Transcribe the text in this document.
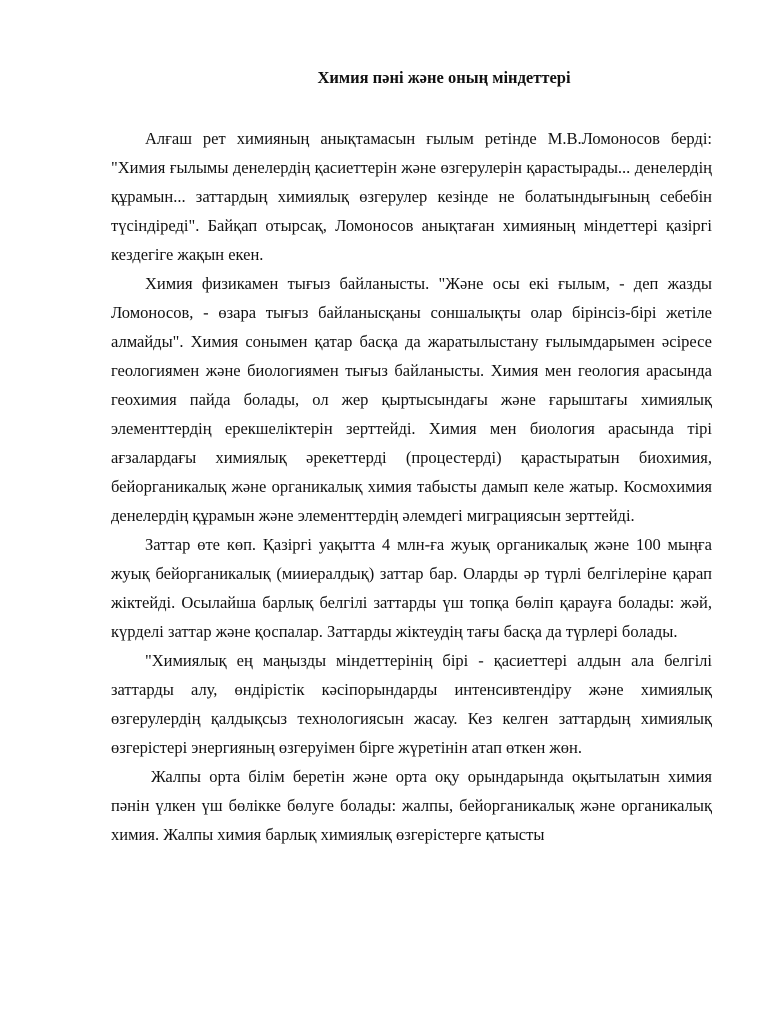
Химия пәні және оның міндеттері

Алғаш рет химияның анықтамасын ғылым ретінде М.В.Ломоносов берді: "Химия ғылымы денелердің қасиеттерін және өзгерулерін қарастырады... денелердің құрамын... заттардың химиялық өзгерулер кезінде не болатындығының себебін түсіндіреді". Байқап отырсақ, Ломоносов анықтаған химияның міндеттері қазіргі кездегіге жақын екен.

Химия физикамен тығыз байланысты. "Және осы екі ғылым, - деп жазды Ломоносов, - өзара тығыз байланысқаны соншалықты олар бірінсіз-бірі жетіле алмайды". Химия сонымен қатар басқа да жаратылыстану ғылымдарымен әсіресе геологиямен және биологиямен тығыз байланысты. Химия мен геология арасында геохимия пайда болады, ол жер қыртысындағы және ғарыштағы химиялық элементтердің ерекшеліктерін зерттейді. Химия мен биология арасында тірі ағзалардағы химиялық әрекеттерді (процестерді) қарастыратын биохимия, бейорганикалық және органикалық химия табысты дамып келе жатыр. Космохимия денелердің құрамын және элементтердің әлемдегі миграциясын зерттейді.

Заттар өте көп. Қазіргі уақытта 4 млн-ға жуық органикалық және 100 мыңға жуық бейорганикалық (мииералдық) заттар бар. Оларды әр түрлі белгілеріне қарап жіктейді. Осылайша барлық белгілі заттарды үш топқа бөліп қарауға болады: жәй, күрделі заттар және қоспалар. Заттарды жіктеудің тағы басқа да түрлері болады.

"Химиялық ең маңызды міндеттерінің бірі - қасиеттері алдын ала белгілі заттарды алу, өндірістік кәсіпорындарды интенсивтендіру және химиялық өзгерулердің қалдықсыз технологиясын жасау. Кез келген заттардың химиялық өзгерістері энергияның өзгеруімен бірге жүретінін атап өткен жөн.

Жалпы орта білім беретін және орта оқу орындарында оқытылатын химия пәнін үлкен үш бөлікке бөлуге болады: жалпы, бейорганикалық және органикалық химия. Жалпы химия барлық химиялық өзгерістерге қатысты
